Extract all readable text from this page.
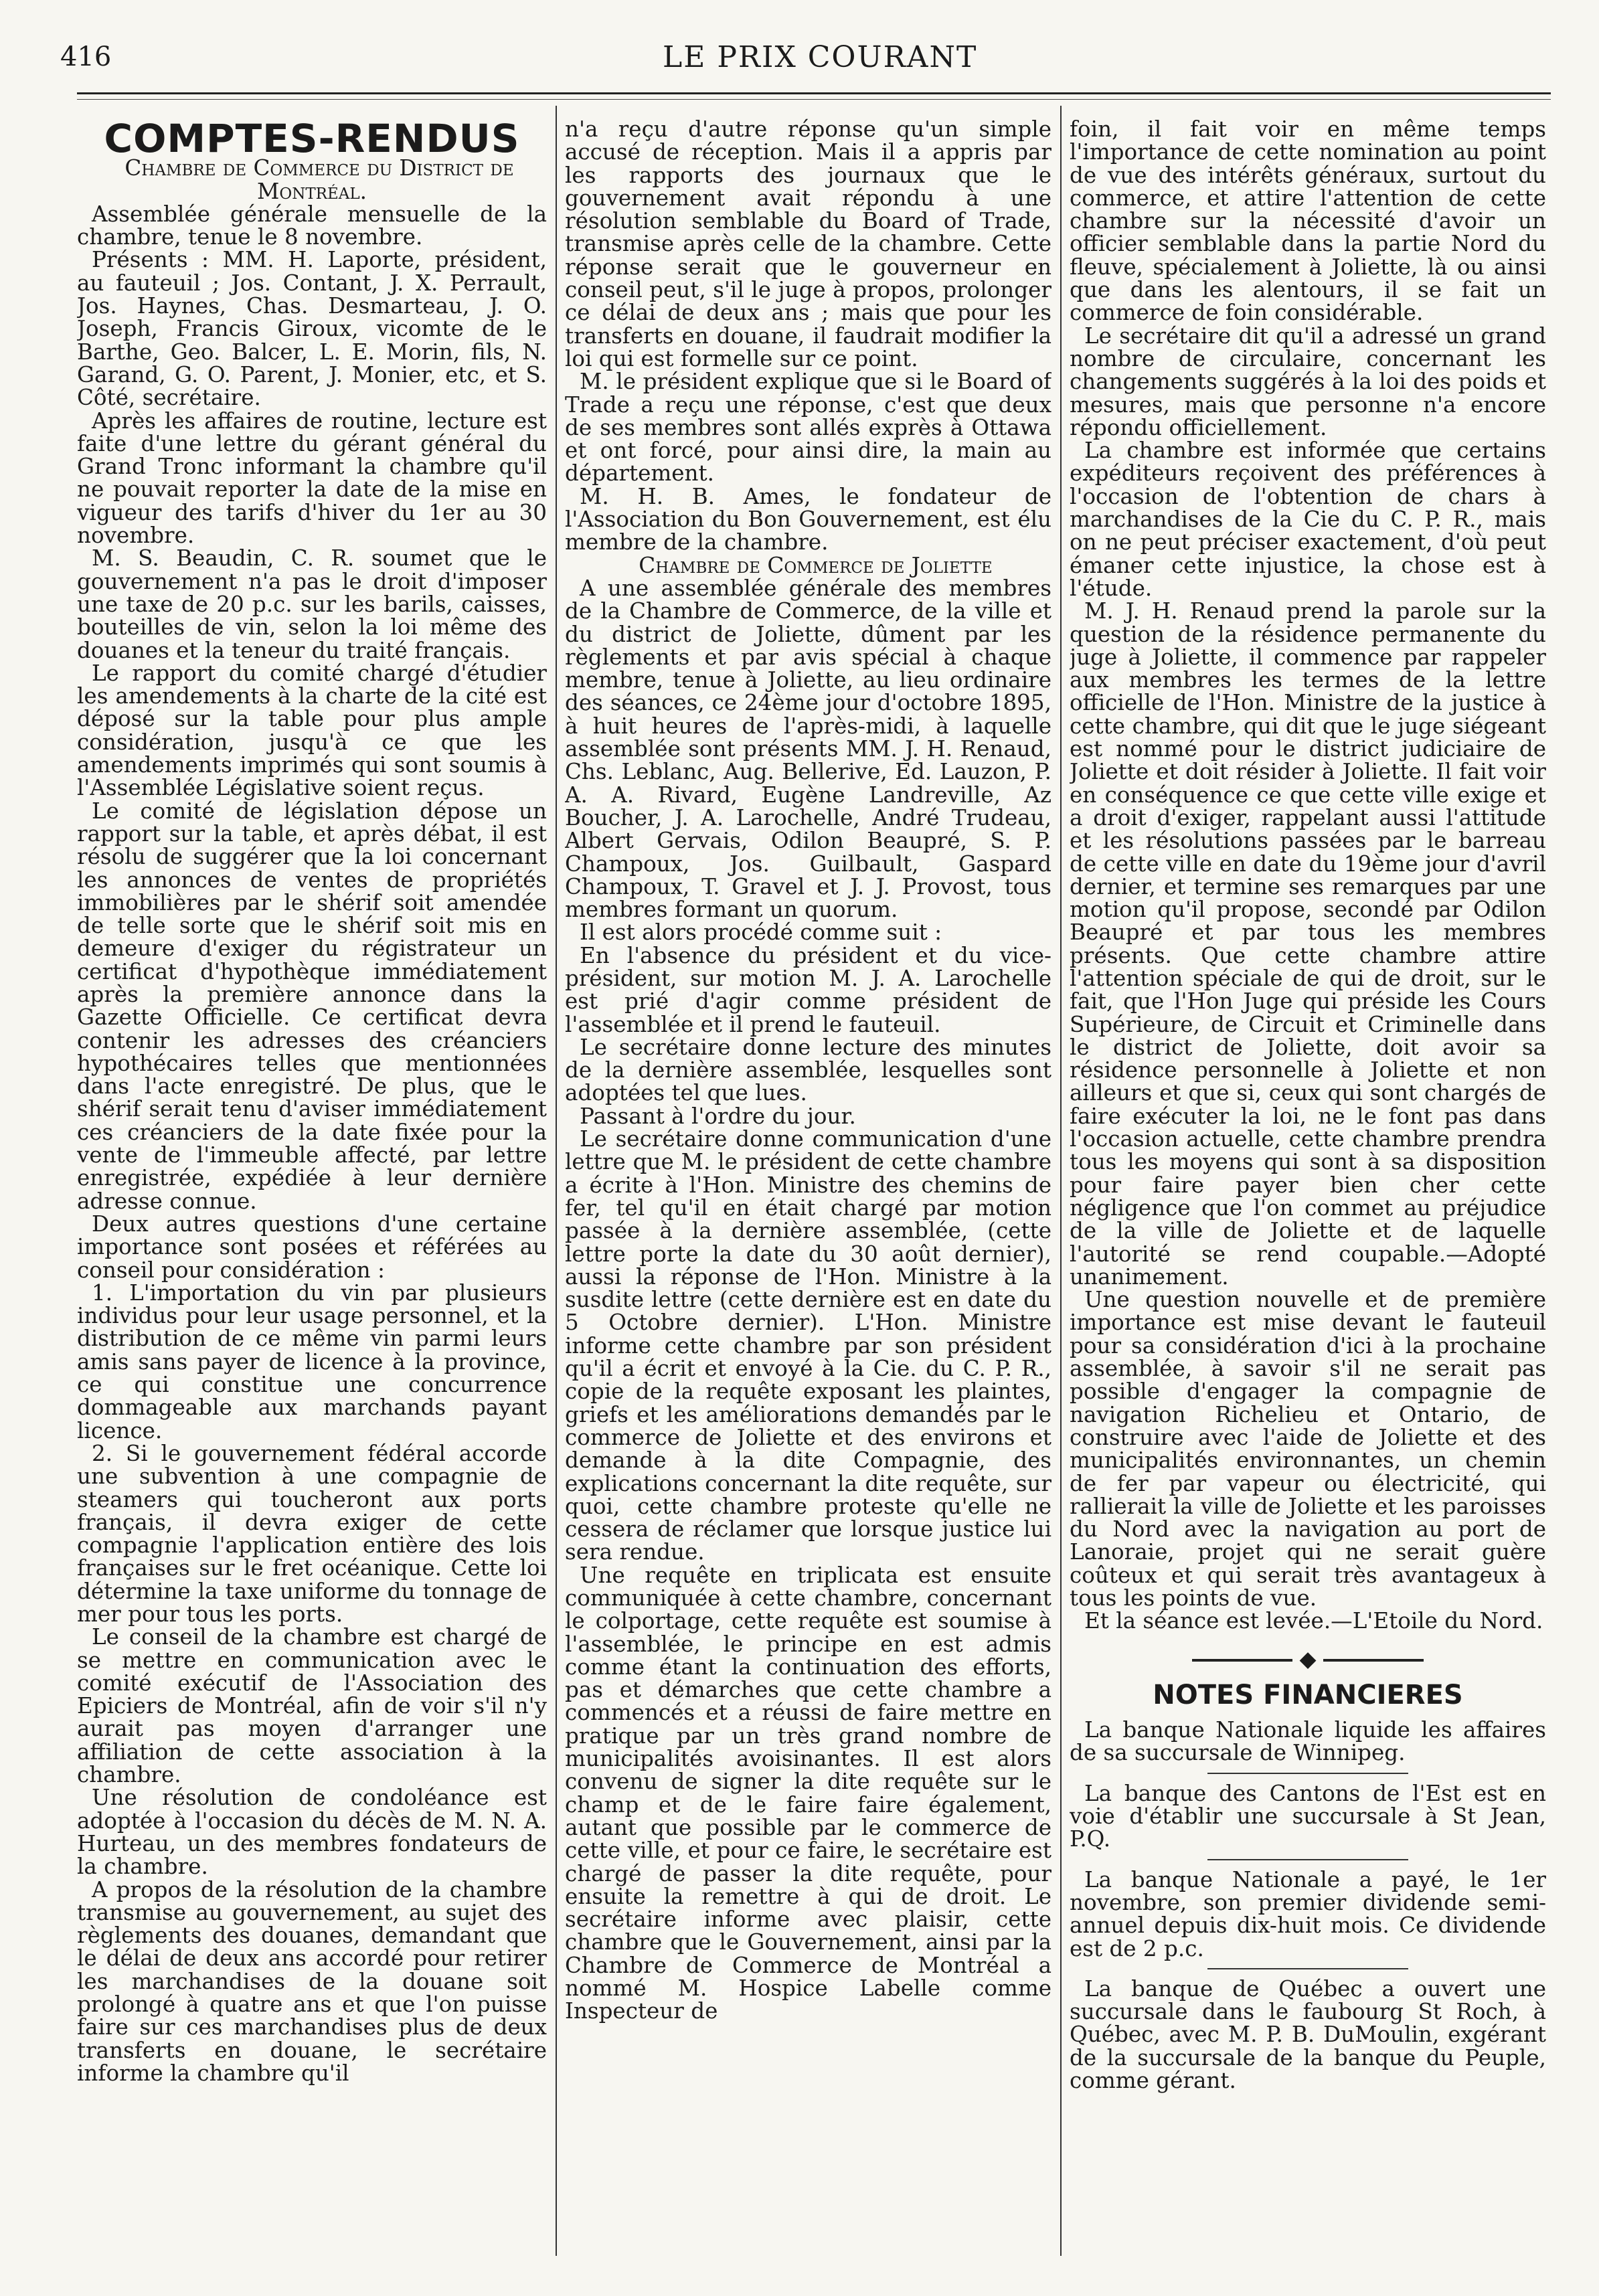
416	LE PRIX COURANT
COMPTES-RENDUS

Chambre de Commerce du District de Montréal.

Assemblée générale mensuelle de la chambre, tenue le 8 novembre.

Présents : MM. H. Laporte, président, au fauteuil ; Jos. Contant, J. X. Perrault, Jos. Haynes, Chas. Desmarteau, J. O. Joseph, Francis Giroux, vicomte de le Barthe, Geo. Balcer, L. E. Morin, fils, N. Garand, G. O. Parent, J. Monier, etc, et S. Côté, secrétaire.

Après les affaires de routine, lecture est faite d'une lettre du gérant général du Grand Tronc informant la chambre qu'il ne pouvait reporter la date de la mise en vigueur des tarifs d'hiver du 1er au 30 novembre.

M. S. Beaudin, C. R. soumet que le gouvernement n'a pas le droit d'imposer une taxe de 20 p.c. sur les barils, caisses, bouteilles de vin, selon la loi même des douanes et la teneur du traité français.

Le rapport du comité chargé d'étudier les amendements à la charte de la cité est déposé sur la table pour plus ample considération, jusqu'à ce que les amendements imprimés qui sont soumis à l'Assemblée Législative soient reçus.

Le comité de législation dépose un rapport sur la table, et après débat, il est résolu de suggérer que la loi concernant les annonces de ventes de propriétés immobilières par le shérif soit amendée de telle sorte que le shérif soit mis en demeure d'exiger du régistrateur un certificat d'hypothèque immédiatement après la première annonce dans la Gazette Officielle. Ce certificat devra contenir les adresses des créanciers hypothécaires telles que mentionnées dans l'acte enregistré. De plus, que le shérif serait tenu d'aviser immédiatement ces créanciers de la date fixée pour la vente de l'immeuble affecté, par lettre enregistrée, expédiée à leur dernière adresse connue.

Deux autres questions d'une certaine importance sont posées et référées au conseil pour considération :

1. L'importation du vin par plusieurs individus pour leur usage personnel, et la distribution de ce même vin parmi leurs amis sans payer de licence à la province, ce qui constitue une concurrence dommageable aux marchands payant licence.

2. Si le gouvernement fédéral accorde une subvention à une compagnie de steamers qui toucheront aux ports français, il devra exiger de cette compagnie l'application entière des lois françaises sur le fret océanique. Cette loi détermine la taxe uniforme du tonnage de mer pour tous les ports.

Le conseil de la chambre est chargé de se mettre en communication avec le comité exécutif de l'Association des Epiciers de Montréal, afin de voir s'il n'y aurait pas moyen d'arranger une affiliation de cette association à la chambre.

Une résolution de condoléance est adoptée à l'occasion du décès de M. N. A. Hurteau, un des membres fondateurs de la chambre.

A propos de la résolution de la chambre transmise au gouvernement, au sujet des règlements des douanes, demandant que le délai de deux ans accordé pour retirer les marchandises de la douane soit prolongé à quatre ans et que l'on puisse faire sur ces marchandises plus de deux transferts en douane, le secrétaire informe la chambre qu'il

n'a reçu d'autre réponse qu'un simple accusé de réception. Mais il a appris par les rapports des journaux que le gouvernement avait répondu à une résolution semblable du Board of Trade, transmise après celle de la chambre. Cette réponse serait que le gouverneur en conseil peut, s'il le juge à propos, prolonger ce délai de deux ans ; mais que pour les transferts en douane, il faudrait modifier la loi qui est formelle sur ce point.

M. le président explique que si le Board of Trade a reçu une réponse, c'est que deux de ses membres sont allés exprès à Ottawa et ont forcé, pour ainsi dire, la main au département.

M. H. B. Ames, le fondateur de l'Association du Bon Gouvernement, est élu membre de la chambre.

Chambre de Commerce de Joliette

A une assemblée générale des membres de la Chambre de Commerce, de la ville et du district de Joliette, dûment par les règlements et par avis spécial à chaque membre, tenue à Joliette, au lieu ordinaire des séances, ce 24ème jour d'octobre 1895, à huit heures de l'après-midi, à laquelle assemblée sont présents MM. J. H. Renaud, Chs. Leblanc, Aug. Bellerive, Ed. Lauzon, P. A. A. Rivard, Eugène Landreville, Az Boucher, J. A. Larochelle, André Trudeau, Albert Gervais, Odilon Beaupré, S. P. Champoux, Jos. Guilbault, Gaspard Champoux, T. Gravel et J. J. Provost, tous membres formant un quorum.

Il est alors procédé comme suit :

En l'absence du président et du vice-président, sur motion M. J. A. Larochelle est prié d'agir comme président de l'assemblée et il prend le fauteuil.

Le secrétaire donne lecture des minutes de la dernière assemblée, lesquelles sont adoptées tel que lues.

Passant à l'ordre du jour.

Le secrétaire donne communication d'une lettre que M. le président de cette chambre a écrite à l'Hon. Ministre des chemins de fer, tel qu'il en était chargé par motion passée à la dernière assemblée, (cette lettre porte la date du 30 août dernier), aussi la réponse de l'Hon. Ministre à la susdite lettre (cette dernière est en date du 5 Octobre dernier). L'Hon. Ministre informe cette chambre par son président qu'il a écrit et envoyé à la Cie. du C. P. R., copie de la requête exposant les plaintes, griefs et les améliorations demandés par le commerce de Joliette et des environs et demande à la dite Compagnie, des explications concernant la dite requête, sur quoi, cette chambre proteste qu'elle ne cessera de réclamer que lorsque justice lui sera rendue.

Une requête en triplicata est ensuite communiquée à cette chambre, concernant le colportage, cette requête est soumise à l'assemblée, le principe en est admis comme étant la continuation des efforts, pas et démarches que cette chambre a commencés et a réussi de faire mettre en pratique par un très grand nombre de municipalités avoisinantes. Il est alors convenu de signer la dite requête sur le champ et de le faire faire également, autant que possible par le commerce de cette ville, et pour ce faire, le secrétaire est chargé de passer la dite requête, pour ensuite la remettre à qui de droit. Le secrétaire informe avec plaisir, cette chambre que le Gouvernement, ainsi par la Chambre de Commerce de Montréal a nommé M. Hospice Labelle comme Inspecteur de

foin, il fait voir en même temps l'importance de cette nomination au point de vue des intérêts généraux, surtout du commerce, et attire l'attention de cette chambre sur la nécessité d'avoir un officier semblable dans la partie Nord du fleuve, spécialement à Joliette, là ou ainsi que dans les alentours, il se fait un commerce de foin considérable.

Le secrétaire dit qu'il a adressé un grand nombre de circulaire, concernant les changements suggérés à la loi des poids et mesures, mais que personne n'a encore répondu officiellement.

La chambre est informée que certains expéditeurs reçoivent des préférences à l'occasion de l'obtention de chars à marchandises de la Cie du C. P. R., mais on ne peut préciser exactement, d'où peut émaner cette injustice, la chose est à l'étude.

M. J. H. Renaud prend la parole sur la question de la résidence permanente du juge à Joliette, il commence par rappeler aux membres les termes de la lettre officielle de l'Hon. Ministre de la justice à cette chambre, qui dit que le juge siégeant est nommé pour le district judiciaire de Joliette et doit résider à Joliette. Il fait voir en conséquence ce que cette ville exige et a droit d'exiger, rappelant aussi l'attitude et les résolutions passées par le barreau de cette ville en date du 19ème jour d'avril dernier, et termine ses remarques par une motion qu'il propose, secondé par Odilon Beaupré et par tous les membres présents. Que cette chambre attire l'attention spéciale de qui de droit, sur le fait, que l'Hon Juge qui préside les Cours Supérieure, de Circuit et Criminelle dans le district de Joliette, doit avoir sa résidence personnelle à Joliette et non ailleurs et que si, ceux qui sont chargés de faire exécuter la loi, ne le font pas dans l'occasion actuelle, cette chambre prendra tous les moyens qui sont à sa disposition pour faire payer bien cher cette négligence que l'on commet au préjudice de la ville de Joliette et de laquelle l'autorité se rend coupable.—Adopté unanimement.

Une question nouvelle et de première importance est mise devant le fauteuil pour sa considération d'ici à la prochaine assemblée, à savoir s'il ne serait pas possible d'engager la compagnie de navigation Richelieu et Ontario, de construire avec l'aide de Joliette et des municipalités environnantes, un chemin de fer par vapeur ou électricité, qui rallierait la ville de Joliette et les paroisses du Nord avec la navigation au port de Lanoraie, projet qui ne serait guère coûteux et qui serait très avantageux à tous les points de vue.

Et la séance est levée.—L'Etoile du Nord.

◆
NOTES FINANCIERES

La banque Nationale liquide les affaires de sa succursale de Winnipeg.

La banque des Cantons de l'Est est en voie d'établir une succursale à St Jean, P.Q.

La banque Nationale a payé, le 1er novembre, son premier dividende semi-annuel depuis dix-huit mois. Ce dividende est de 2 p.c.

La banque de Québec a ouvert une succursale dans le faubourg St Roch, à Québec, avec M. P. B. DuMoulin, exgérant de la succursale de la banque du Peuple, comme gérant.
